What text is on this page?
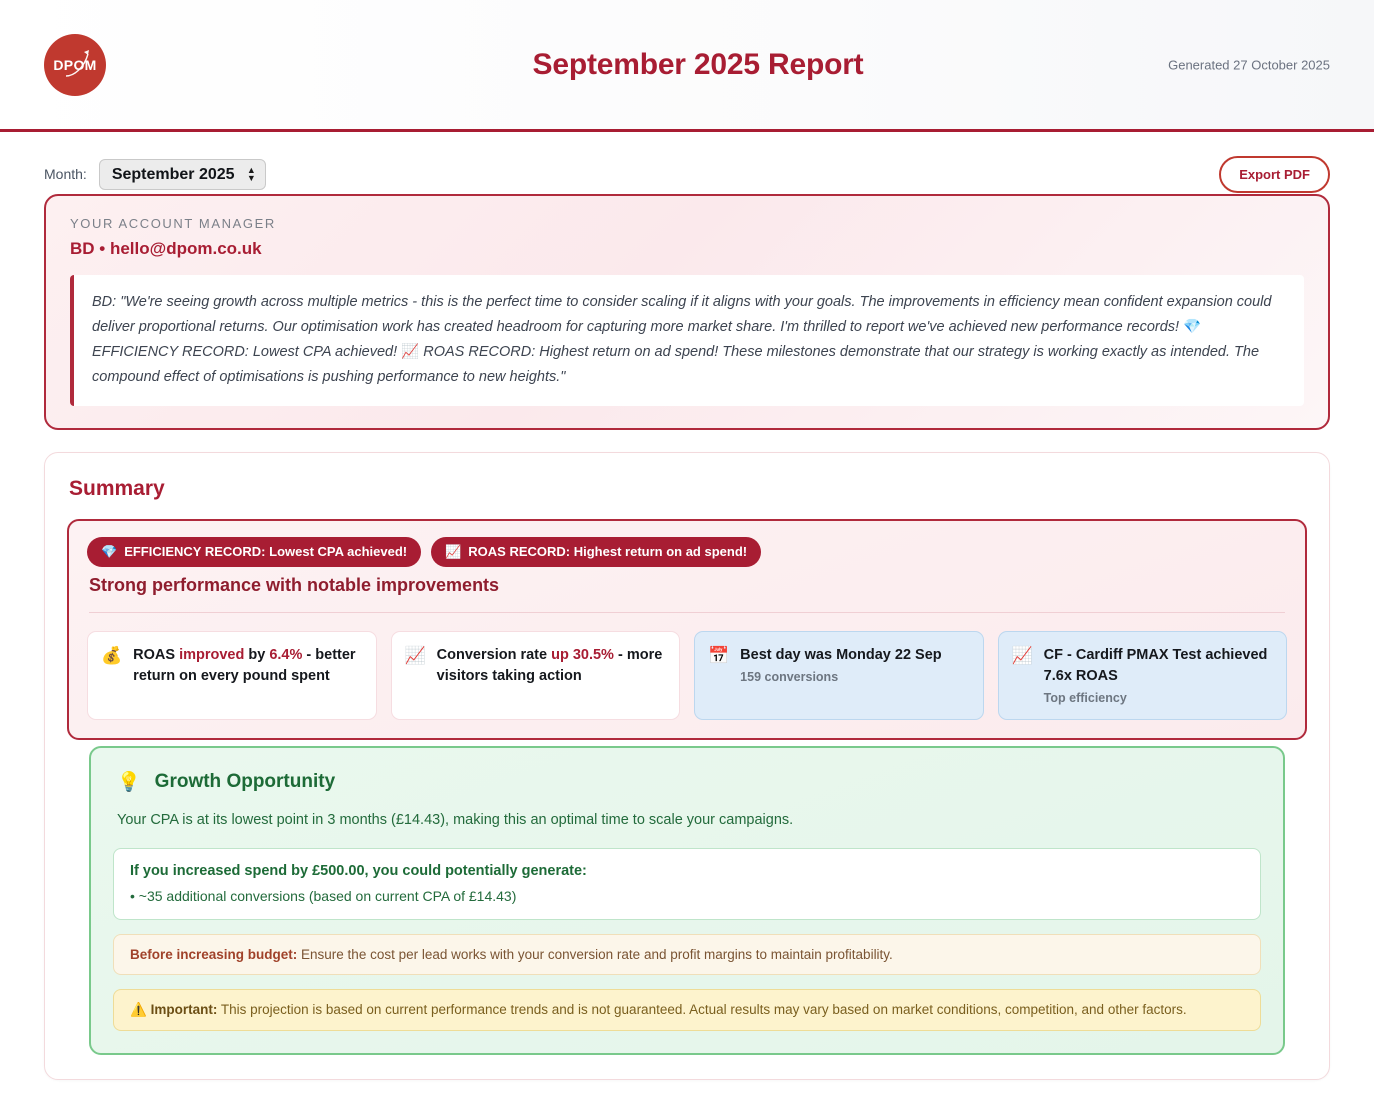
DPOM	September 2025 Report	Generated 27 October 2025
Month:
September 2025	▲
▼	Export PDF
YOUR ACCOUNT MANAGER
BD • hello@dpom.co.uk
BD: "We're seeing growth across multiple metrics - this is the perfect time to consider scaling if it aligns with your goals. The improvements in efficiency mean confident expansion could deliver proportional returns. Our optimisation work has created headroom for capturing more market share. I'm thrilled to report we've achieved new performance records! 💎 EFFICIENCY RECORD: Lowest CPA achieved! 📈 ROAS RECORD: Highest return on ad spend! These milestones demonstrate that our strategy is working exactly as intended. The compound effect of optimisations is pushing performance to new heights."
Summary
💎 EFFICIENCY RECORD: Lowest CPA achieved!	📈 ROAS RECORD: Highest return on ad spend!
Strong performance with notable improvements
💰 ROAS improved by 6.4% - better return on every pound spent
📈 Conversion rate up 30.5% - more visitors taking action
📅 Best day was Monday 22 Sep
159 conversions
📈 CF - Cardiff PMAX Test achieved 7.6x ROAS
Top efficiency
💡 Growth Opportunity
Your CPA is at its lowest point in 3 months (£14.43), making this an optimal time to scale your campaigns.
If you increased spend by £500.00, you could potentially generate:
• ~35 additional conversions (based on current CPA of £14.43)
Before increasing budget: Ensure the cost per lead works with your conversion rate and profit margins to maintain profitability.
⚠️ Important: This projection is based on current performance trends and is not guaranteed. Actual results may vary based on market conditions, competition, and other factors.
